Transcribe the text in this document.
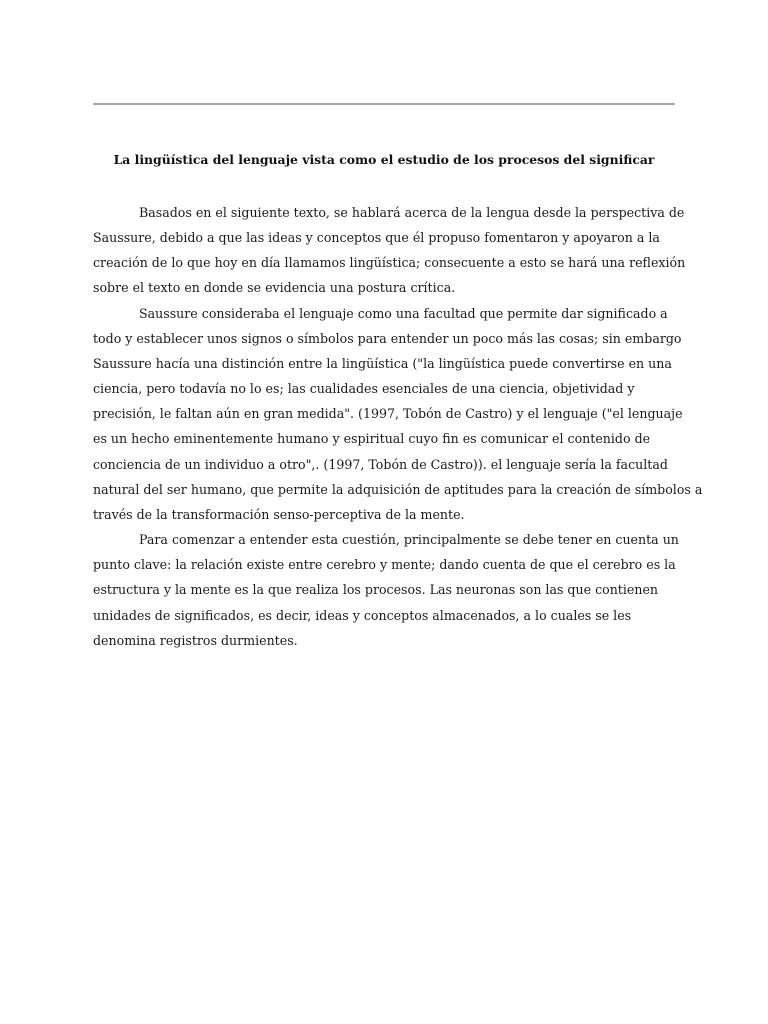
La lingüística del lenguaje vista como el estudio de los procesos del significar

Basados en el siguiente texto, se hablará acerca de la lengua desde la perspectiva de
Saussure, debido a que las ideas y conceptos que él propuso fomentaron y apoyaron a la
creación de lo que hoy en día llamamos lingüística; consecuente a esto se hará una reflexión
sobre el texto en donde se evidencia una postura crítica.

Saussure consideraba el lenguaje como una facultad que permite dar significado a
todo y establecer unos signos o símbolos para entender un poco más las cosas; sin embargo
Saussure hacía una distinción entre la lingüística ("la lingüística puede convertirse en una
ciencia, pero todavía no lo es; las cualidades esenciales de una ciencia, objetividad y
precisión, le faltan aún en gran medida". (1997, Tobón de Castro) y el lenguaje ("el lenguaje
es un hecho eminentemente humano y espiritual cuyo fin es comunicar el contenido de
conciencia de un individuo a otro",. (1997, Tobón de Castro)). el lenguaje sería la facultad
natural del ser humano, que permite la adquisición de aptitudes para la creación de símbolos a
través de la transformación senso-perceptiva de la mente.

Para comenzar a entender esta cuestión, principalmente se debe tener en cuenta un
punto clave: la relación existe entre cerebro y mente; dando cuenta de que el cerebro es la
estructura y la mente es la que realiza los procesos. Las neuronas son las que contienen
unidades de significados, es decir, ideas y conceptos almacenados, a lo cuales se les
denomina registros durmientes.
